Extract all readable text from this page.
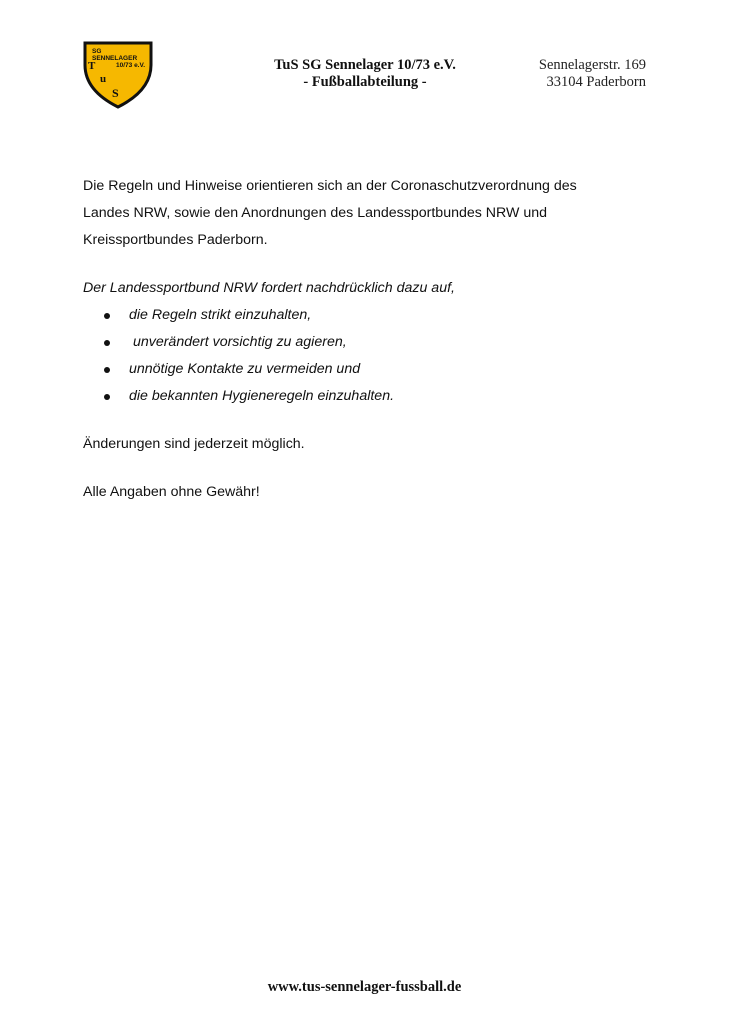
SG
SENNELAGER
10/73 e.V.
T
u
S
TuS SG Sennelager 10/73 e.V.
- Fußballabteilung -
Sennelagerstr. 169
33104 Paderborn

Die Regeln und Hinweise orientieren sich an der Coronaschutzverordnung des
Landes NRW, sowie den Anordnungen des Landessportbundes NRW und
Kreissportbundes Paderborn.

Der Landessportbund NRW fordert nachdrücklich dazu auf,

die Regeln strikt einzuhalten,
unverändert vorsichtig zu agieren,
unnötige Kontakte zu vermeiden und
die bekannten Hygieneregeln einzuhalten.

Änderungen sind jederzeit möglich.

Alle Angaben ohne Gewähr!

www.tus-sennelager-fussball.de
